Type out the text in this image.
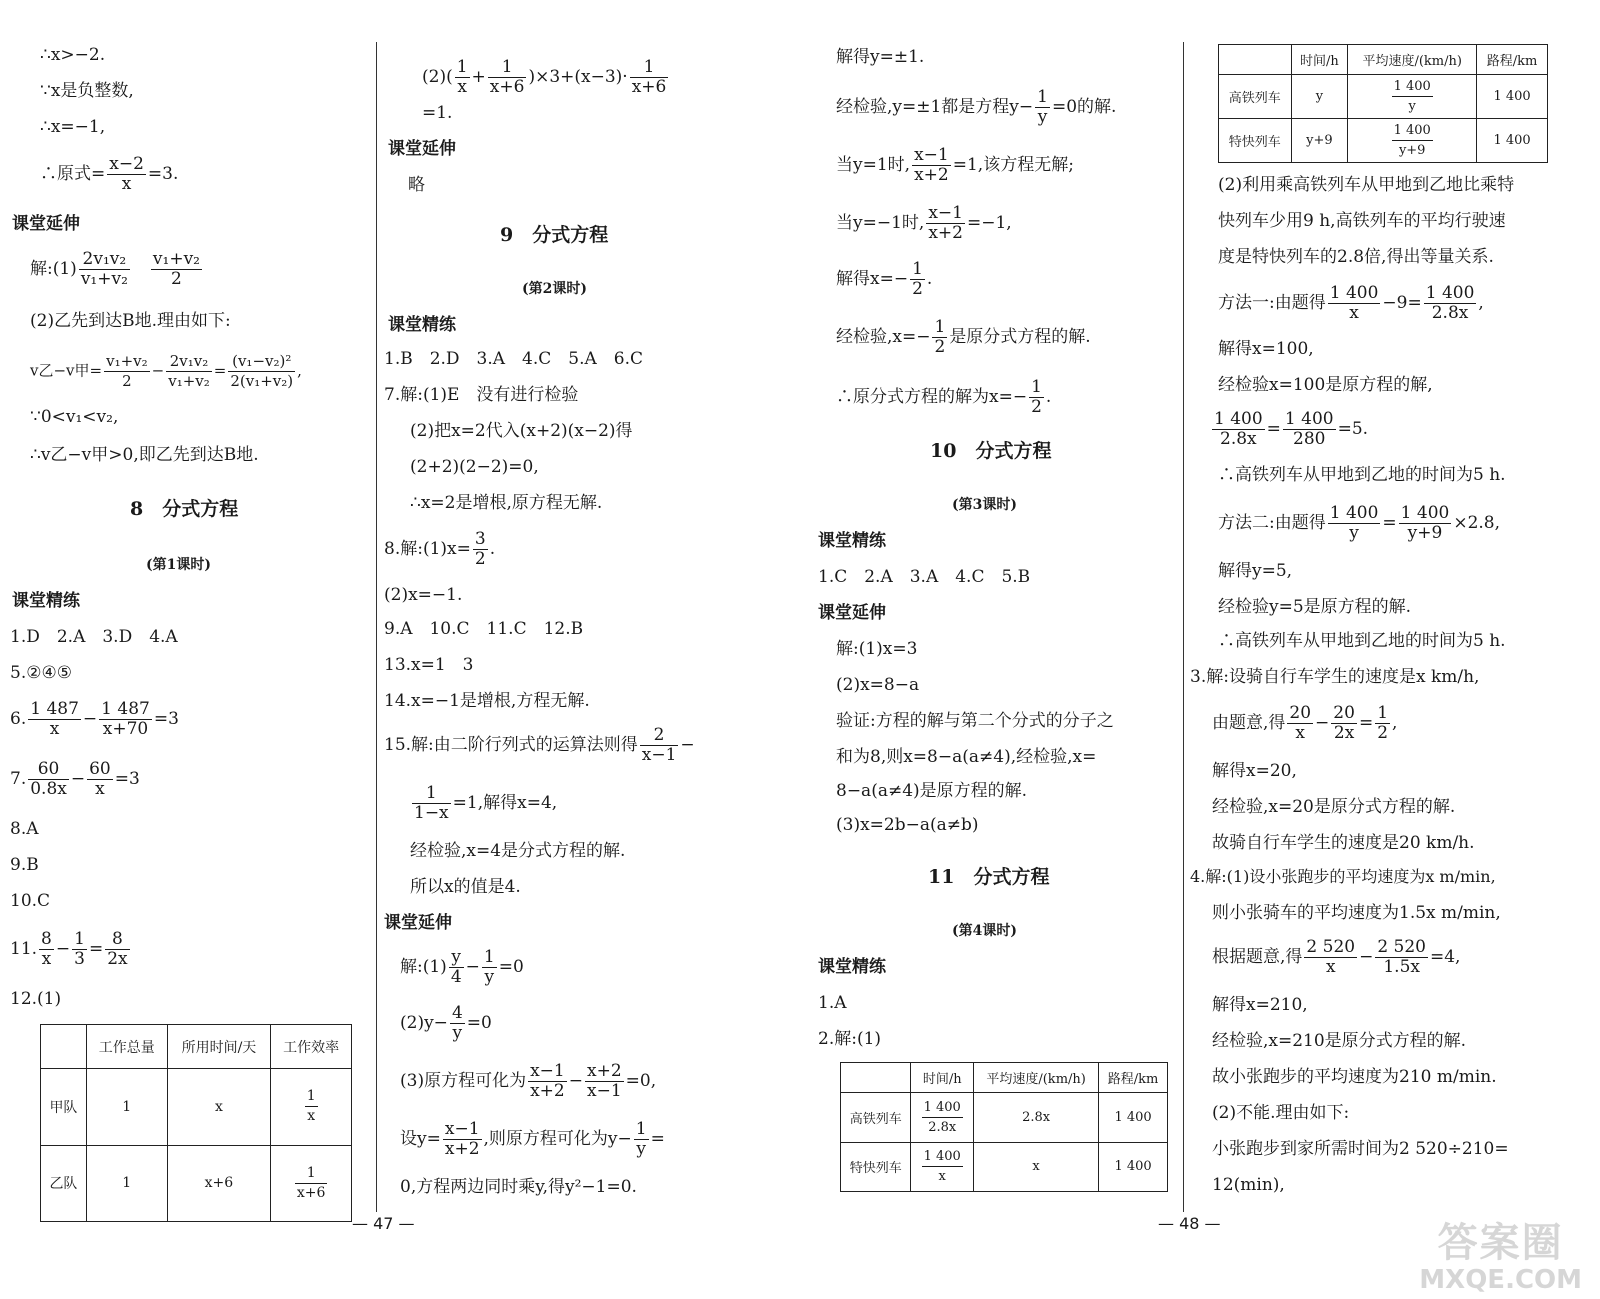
∴x>−2.
∵x是负整数,
∴x=−1,
∴原式= $\frac{x-2}{x} =3$.
课堂延伸
解:(1) $\frac{\text{2v₁v₂}}{\text{v₁+v₂}}$
　 $\frac{\text{v₁+v₂}}{2}$
(2)乙先到达B地.理由如下:
v乙−v甲= $\frac{\text{v₁+v₂}}{2} - \frac{\text{2v₁v₂}}{\text{v₁+v₂}} = \frac{\text{(v₁−v₂)²}}{\text{2(v₁+v₂)}}$ ,
∵0<v₁<v₂,
∴v乙−v甲>0,即乙先到达B地.
8　分式方程
(第1课时)
课堂精练
1.D　2.A　3.D　4.A
5.②④⑤
6. $\frac{1 487}{x} - \frac{1 487}{x+70} =3$
7. $\frac{60}{0.8x} - \frac{60}{x} =3$
8.A
9.B
10.C
11. $\frac{8}{x} - \frac{1}{3} = \frac{8}{2x}$
12.(1)
	工作总量	所用时间/天	工作效率
甲队	1	x	$\frac{1}{x}$

乙队	1	x+6	$\frac{1}{x+6}$
$(2)( \frac{1}{x} + \frac{1}{x+6} )\times 3+(x-3)\cdot \frac{1}{x+6}$
=1.
课堂延伸
略
9　分式方程
(第2课时)
课堂精练
1.B　2.D　3.A　4.C　5.A　6.C
7.解:(1)E　没有进行检验
(2)把x=2代入(x+2)(x−2)得
(2+2)(2−2)=0,
∴x=2是增根,原方程无解.
8.解:(1)x= $\frac{3}{2}$ .
(2)x=−1.
9.A　10.C　11.C　12.B
13.x=1　3
14.x=−1是增根,方程无解.
15.解:由二阶行列式的运算法则得 $\frac{2}{x-1}$ −
$\frac{1}{1-x} =1$,解得x=4,
经检验,x=4是分式方程的解.
所以x的值是4.
课堂延伸
解:(1) $\frac{y}{4} - \frac{1}{y} =0$
$(2)y- \frac{4}{y} =0$
(3)原方程可化为 $\frac{x-1}{x+2} - \frac{x+2}{x-1} =0$,
设$y= \frac{x-1}{x+2}$ ,则原方程可化为$y- \frac{1}{y}$ =
0,方程两边同时乘y,得y²−1=0.
解得y=±1.
经检验,y=±1都是方程$y- \frac{1}{y} =0$的解.
当y=1时, $\frac{x-1}{x+2} =1$,该方程无解;
当y=−1时, $\frac{x-1}{x+2} =-1$,
解得$x=- \frac{1}{2}$ .
经检验$,x=- \frac{1}{2}$ 是原分式方程的解.
∴原分式方程的解为$x=- \frac{1}{2}$ .
10　分式方程
(第3课时)
课堂精练
1.C　2.A　3.A　4.C　5.B
课堂延伸
解:(1)x=3
(2)x=8−a
验证:方程的解与第二个分式的分子之
和为8,则x=8−a(a≠4),经检验,x=
8−a(a≠4)是原方程的解.
(3)x=2b−a(a≠b)
11　分式方程
(第4课时)
课堂精练
1.A
2.解:(1)
	时间/h	平均速度/(km/h)	路程/km
高铁列车	$\frac{1 400}{2.8x}$	2.8x	1 400
特快列车	$\frac{1 400}{x}$	x	1 400
	时间/h	平均速度/(km/h)	路程/km
高铁列车	y	$\frac{1 400}{y}$	1 400
特快列车	y+9	$\frac{1 400}{y+9}$	1 400
(2)利用乘高铁列车从甲地到乙地比乘特
快列车少用9 h,高铁列车的平均行驶速
度是特快列车的2.8倍,得出等量关系.
方法一:由题得 $\frac{1 400}{x} -9= \frac{1 400}{2.8x}$ ,
解得x=100,
经检验x=100是原方程的解,
$\frac{1 400}{2.8x} = \frac{1 400}{280} =5$.
∴高铁列车从甲地到乙地的时间为5 h.
方法二:由题得 $\frac{1 400}{y} = \frac{1 400}{y+9} \times 2.8$,
解得y=5,
经检验y=5是原方程的解.
∴高铁列车从甲地到乙地的时间为5 h.
3.解:设骑自行车学生的速度是x km/h,
由题意,得 $\frac{20}{x} - \frac{20}{2x} = \frac{1}{2}$ ,
解得x=20,
经检验,x=20是原分式方程的解.
故骑自行车学生的速度是20 km/h.
4.解:(1)设小张跑步的平均速度为x m/min,
则小张骑车的平均速度为1.5x m/min,
根据题意,得 $\frac{2 520}{x} - \frac{2 520}{1.5x} =4$,
解得x=210,
经检验,x=210是原分式方程的解.
故小张跑步的平均速度为210 m/min.
(2)不能.理由如下:
小张跑步到家所需时间为2 520÷210=
12(min),
— 47 —	— 48 —	答案圈
MXQE.COM
